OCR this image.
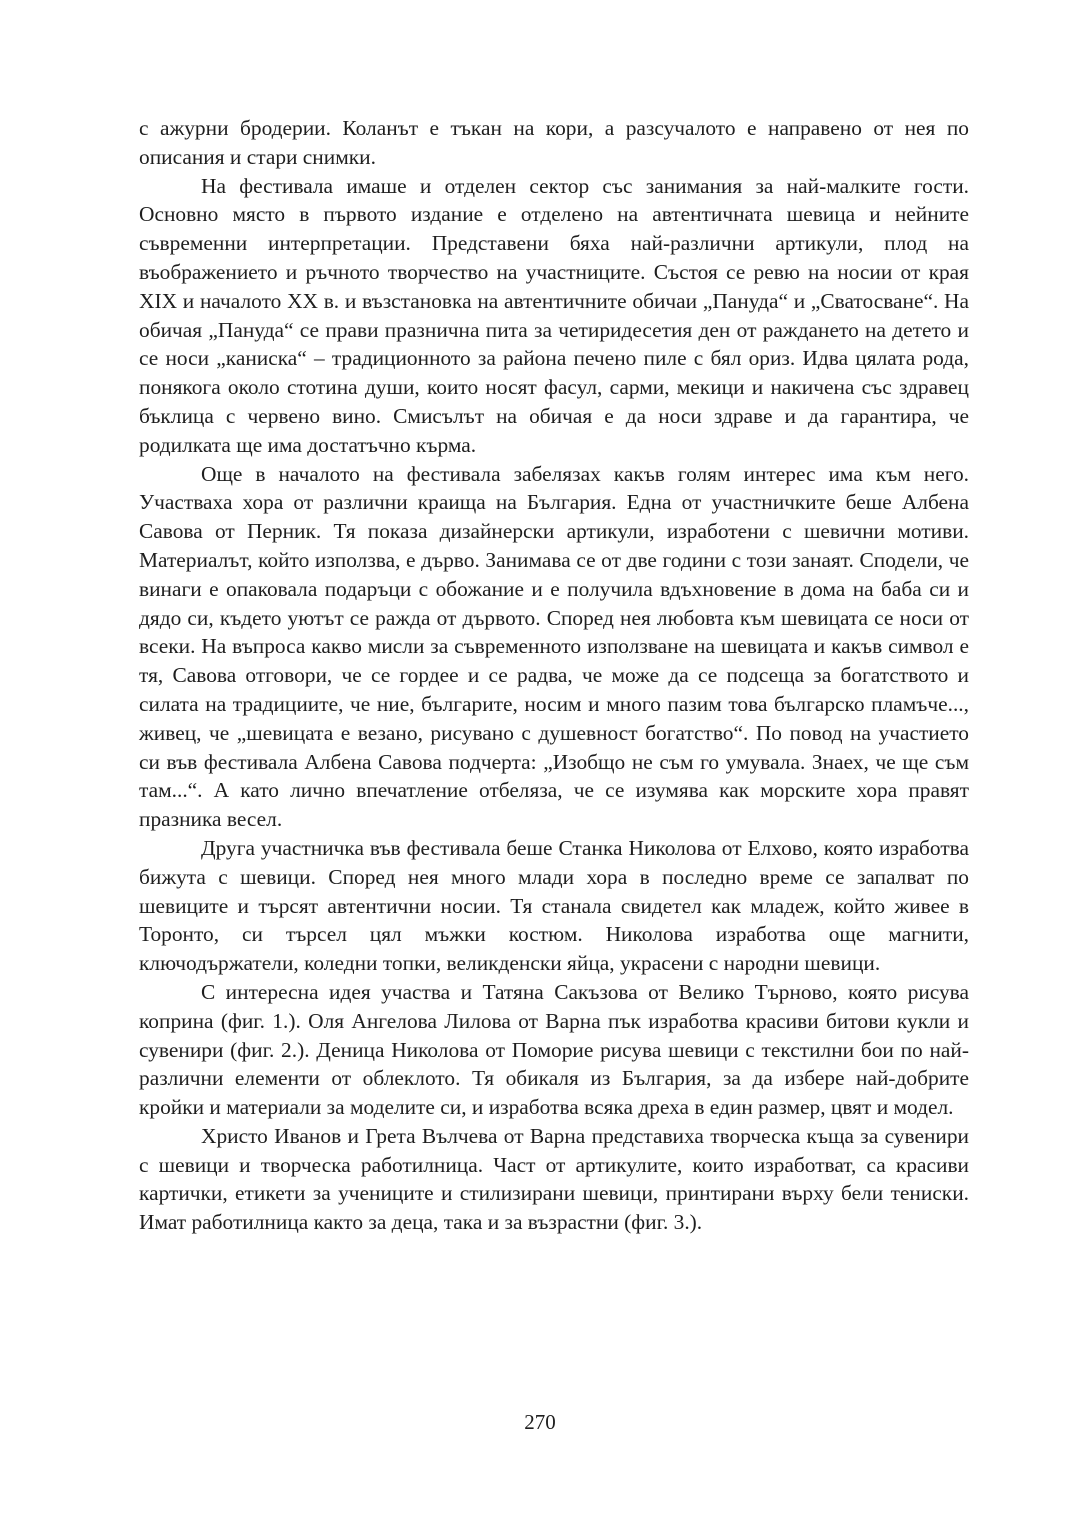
с ажурни бродерии. Коланът е тъкан на кори, а разсучалото е направено от нея по описания и стари снимки.

На фестивала имаше и отделен сектор със занимания за най-малките гости. Основно място в първото издание е отделено на автентичната шевица и нейните съвременни интерпретации. Представени бяха най-различни артикули, плод на въображението и ръчното творчество на участниците. Състоя се ревю на носии от края XIX и началото XX в. и възстановка на автентичните обичаи „Пануда“ и „Сватосване“. На обичая „Пануда“ се прави празнична пита за четиридесетия ден от раждането на детето и се носи „каниска“ – традиционното за района печено пиле с бял ориз. Идва цялата рода, понякога около стотина души, които носят фасул, сарми, мекици и накичена със здравец бъклица с червено вино. Смисълът на обичая е да носи здраве и да гарантира, че родилката ще има достатъчно кърма.

Още в началото на фестивала забелязах какъв голям интерес има към него. Участваха хора от различни краища на България. Една от участничките беше Албена Савова от Перник. Тя показа дизайнерски артикули, изработени с шевични мотиви. Материалът, който използва, е дърво. Занимава се от две години с този занаят. Сподели, че винаги е опаковала подаръци с обожание и е получила вдъхновение в дома на баба си и дядо си, където уютът се ражда от дървото. Според нея любовта към шевицата се носи от всеки. На въпроса какво мисли за съвременното използване на шевицата и какъв символ е тя, Савова отговори, че се гордее и се радва, че може да се подсеща за богатството и силата на традициите, че ние, българите, носим и много пазим това българско пламъче..., живец, че „шевицата е везано, рисувано с душевност богатство“. По повод на участието си във фестивала Албена Савова подчерта: „Изобщо не съм го умувала. Знаех, че ще съм там...“. А като лично впечатление отбеляза, че се изумява как морските хора правят празника весел.

Друга участничка във фестивала беше Станка Николова от Елхово, която изработва бижута с шевици. Според нея много млади хора в последно време се запалват по шевиците и търсят автентични носии. Тя станала свидетел как младеж, който живее в Торонто, си търсел цял мъжки костюм. Николова изработва още магнити, ключодържатели, коледни топки, великденски яйца, украсени с народни шевици.

С интересна идея участва и Татяна Сакъзова от Велико Търново, която рисува коприна (фиг. 1.). Оля Ангелова Лилова от Варна пък изработва красиви битови кукли и сувенири (фиг. 2.). Деница Николова от Поморие рисува шевици с текстилни бои по най-различни елементи от облеклото. Тя обикаля из България, за да избере най-добрите кройки и материали за моделите си, и изработва всяка дреха в един размер, цвят и модел.

Христо Иванов и Грета Вълчева от Варна представиха творческа къща за сувенири с шевици и творческа работилница. Част от артикулите, които изработват, са красиви картички, етикети за учениците и стилизирани шевици, принтирани върху бели тениски. Имат работилница както за деца, така и за възрастни (фиг. 3.).

270
